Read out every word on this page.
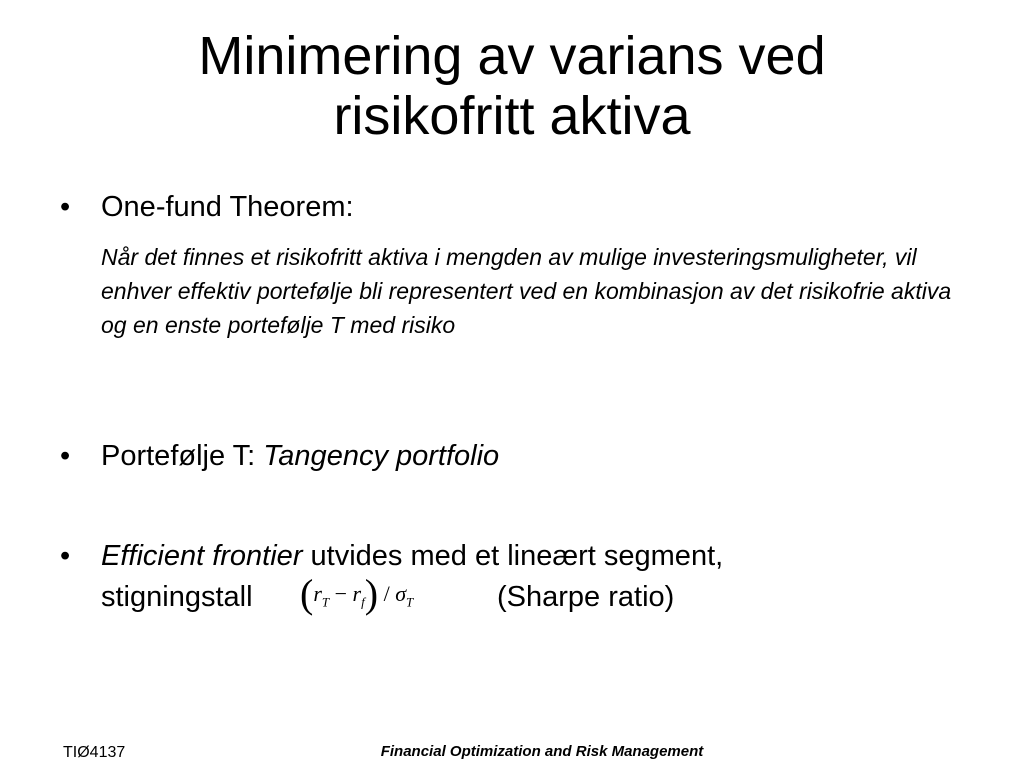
Minimering av varians ved
risikofritt aktiva
• One-fund Theorem:
Når det finnes et risikofritt aktiva i mengden av mulige investeringsmuligheter, vil enhver effektiv portefølje bli representert ved en kombinasjon av det risikofrie aktiva og en enste portefølje T med risiko
• Portefølje T: Tangency portfolio
• Efficient frontier utvides med et lineært segment,
stigningstall $(r_T - r_f) / \sigma_T$	(Sharpe ratio)
TIØ4137	Financial Optimization and Risk Management
